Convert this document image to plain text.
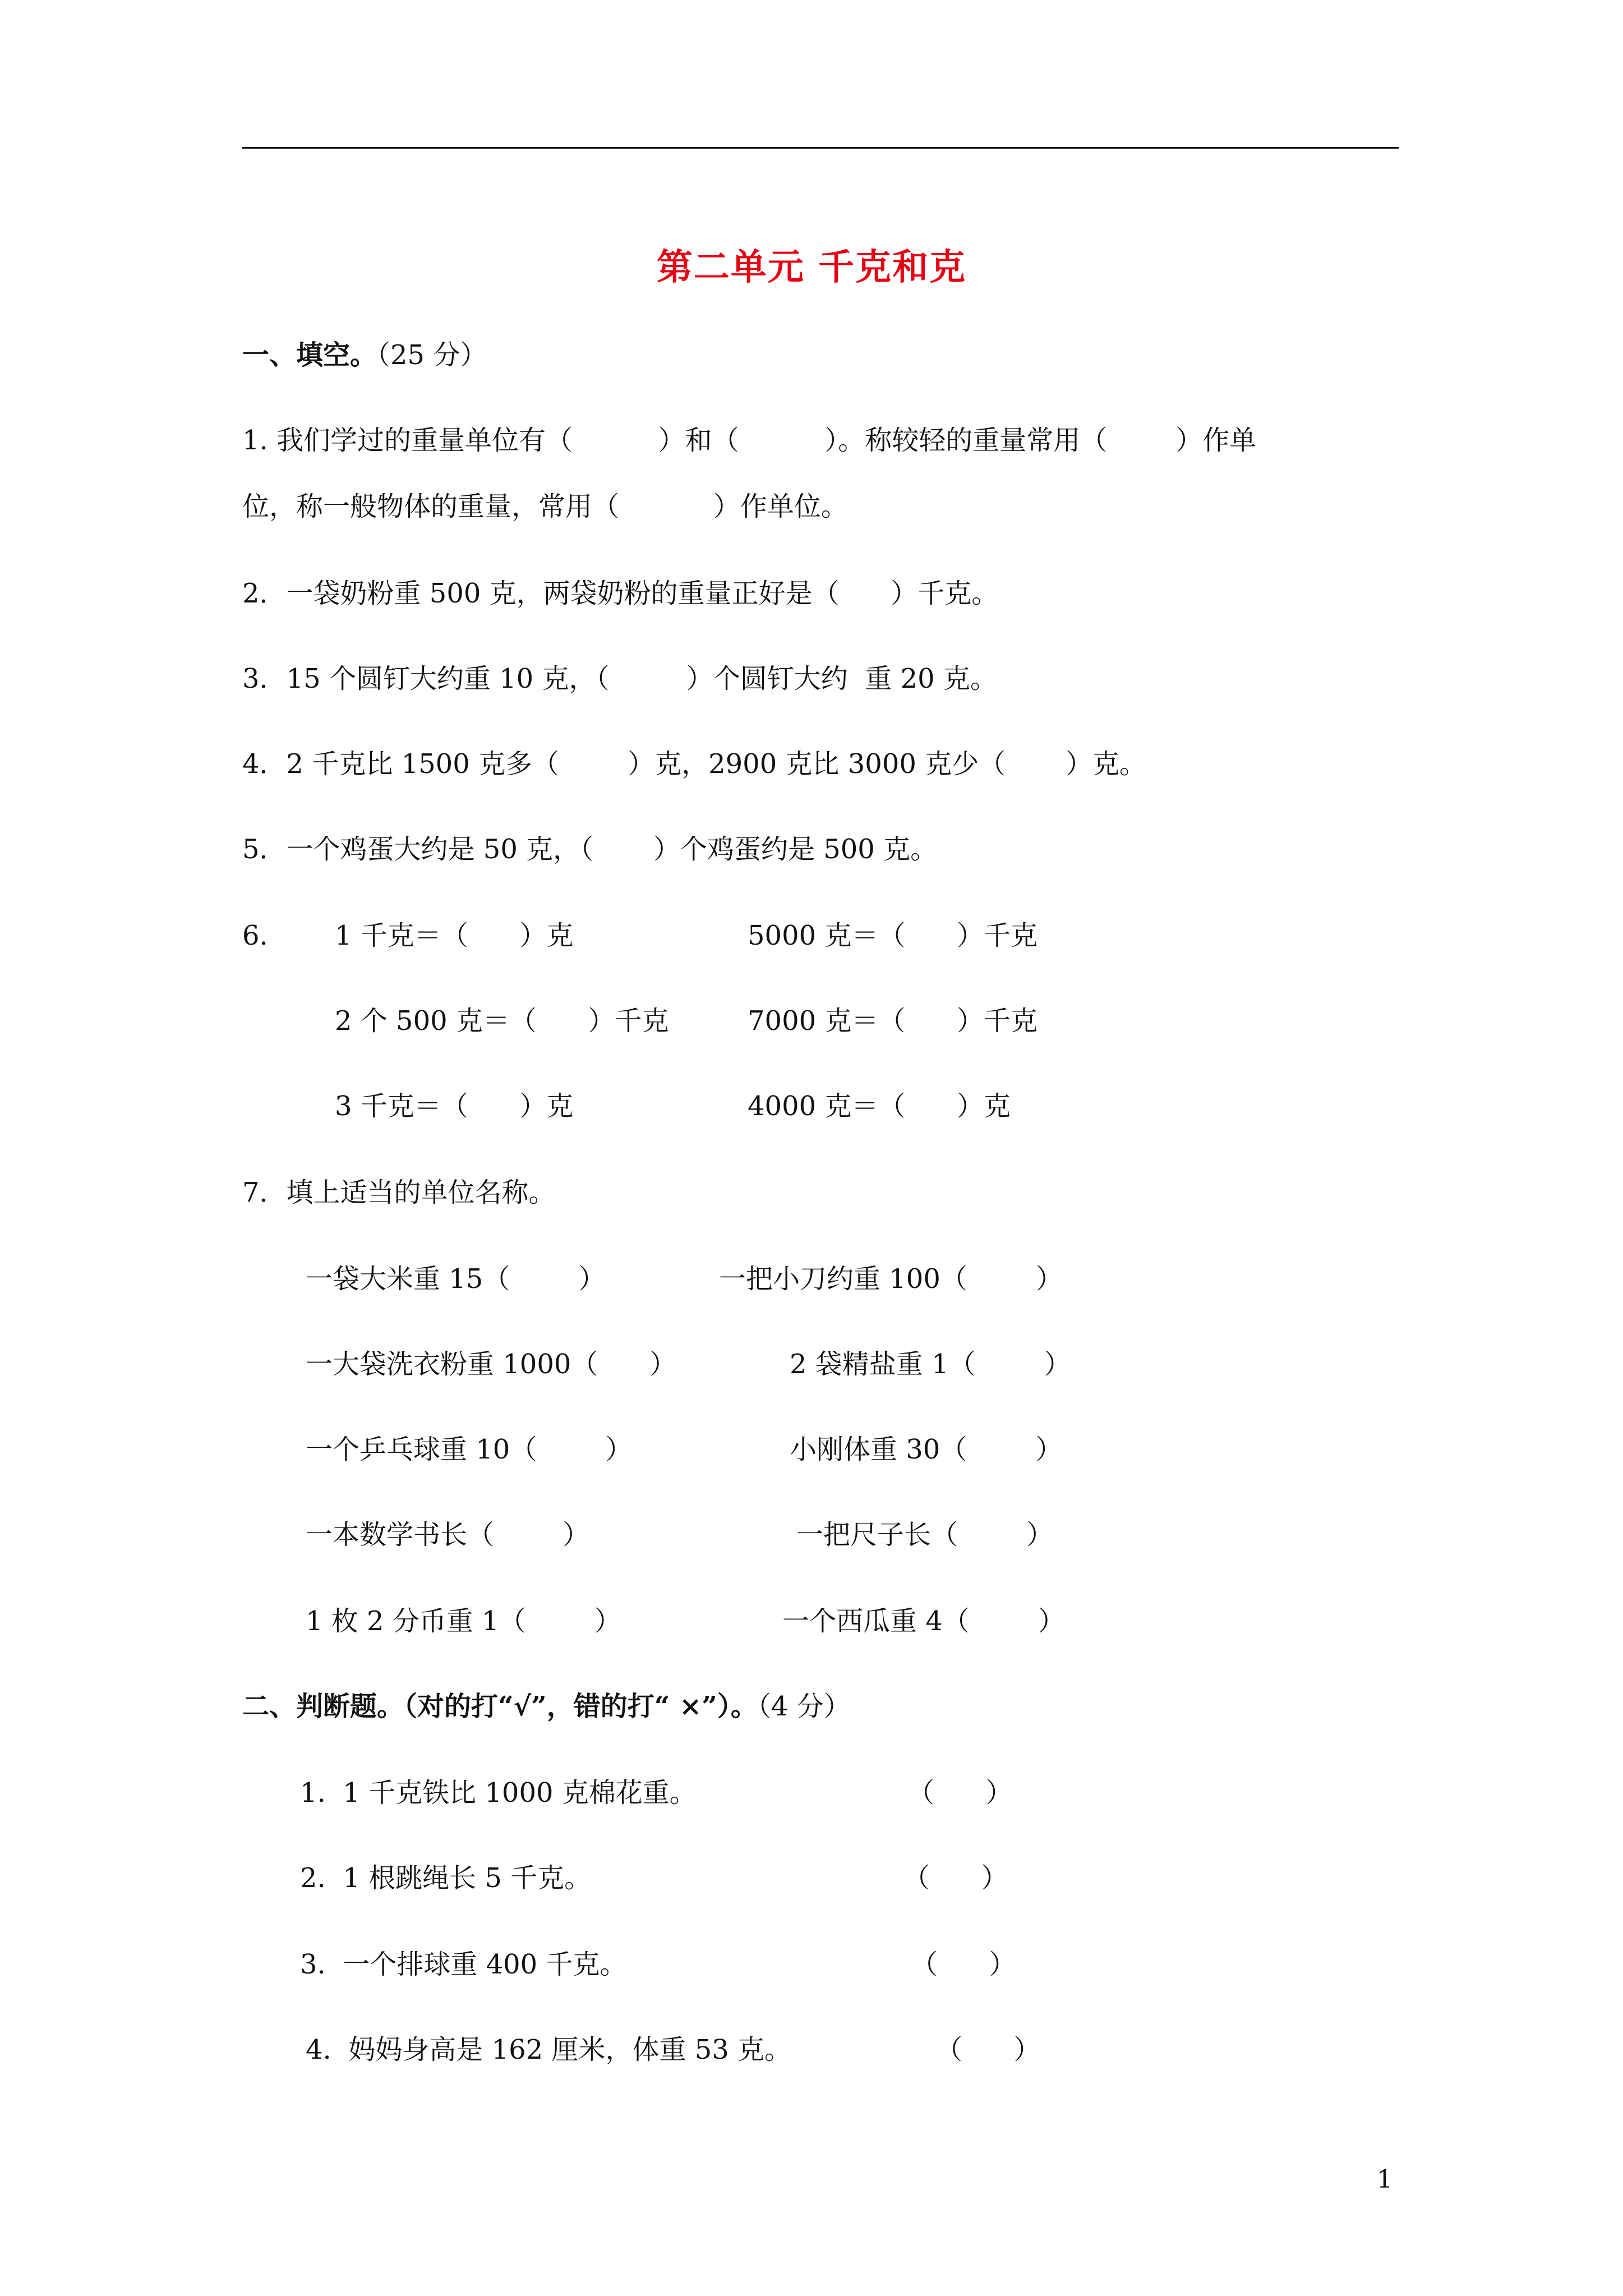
第二单元 千克和克
一、填空。（25 分）
1. 我们学过的重量单位有（          ）和（          ）。称较轻的重量常用（        ）作单
位，称一般物体的重量，常用（           ）作单位。
2．一袋奶粉重 500 克，两袋奶粉的重量正好是（      ）千克。
3．15 个圆钉大约重 10 克，（         ）个圆钉大约  重 20 克。
4．2 千克比 1500 克多（        ）克，2900 克比 3000 克少（       ）克。
5．一个鸡蛋大约是 50 克，（       ）个鸡蛋约是 500 克。
6. 1 千克＝（      ）克	5000 克＝（      ）千克
2 个 500 克＝（      ）千克	7000 克＝（      ）千克
3 千克＝（      ）克	4000 克＝（      ）克
7．填上适当的单位名称。
一袋大米重 15（        ）	一把小刀约重 100（        ）
一大袋洗衣粉重 1000（      ）	2 袋精盐重 1（        ）
一个乒乓球重 10（        ）	小刚体重 30（        ）
一本数学书长（        ）	一把尺子长（        ）
1 枚 2 分币重 1（        ）	一个西瓜重 4（        ）
二、判断题。（对的打“√”，错的打“ ×”）。（4 分）
1.  1 千克铁比 1000 克棉花重。	（      ）
2.  1 根跳绳长 5 千克。	（      ）
3.  一个排球重 400 千克。	（      ）
4.  妈妈身高是 162 厘米，体重 53 克。	（      ）
1
